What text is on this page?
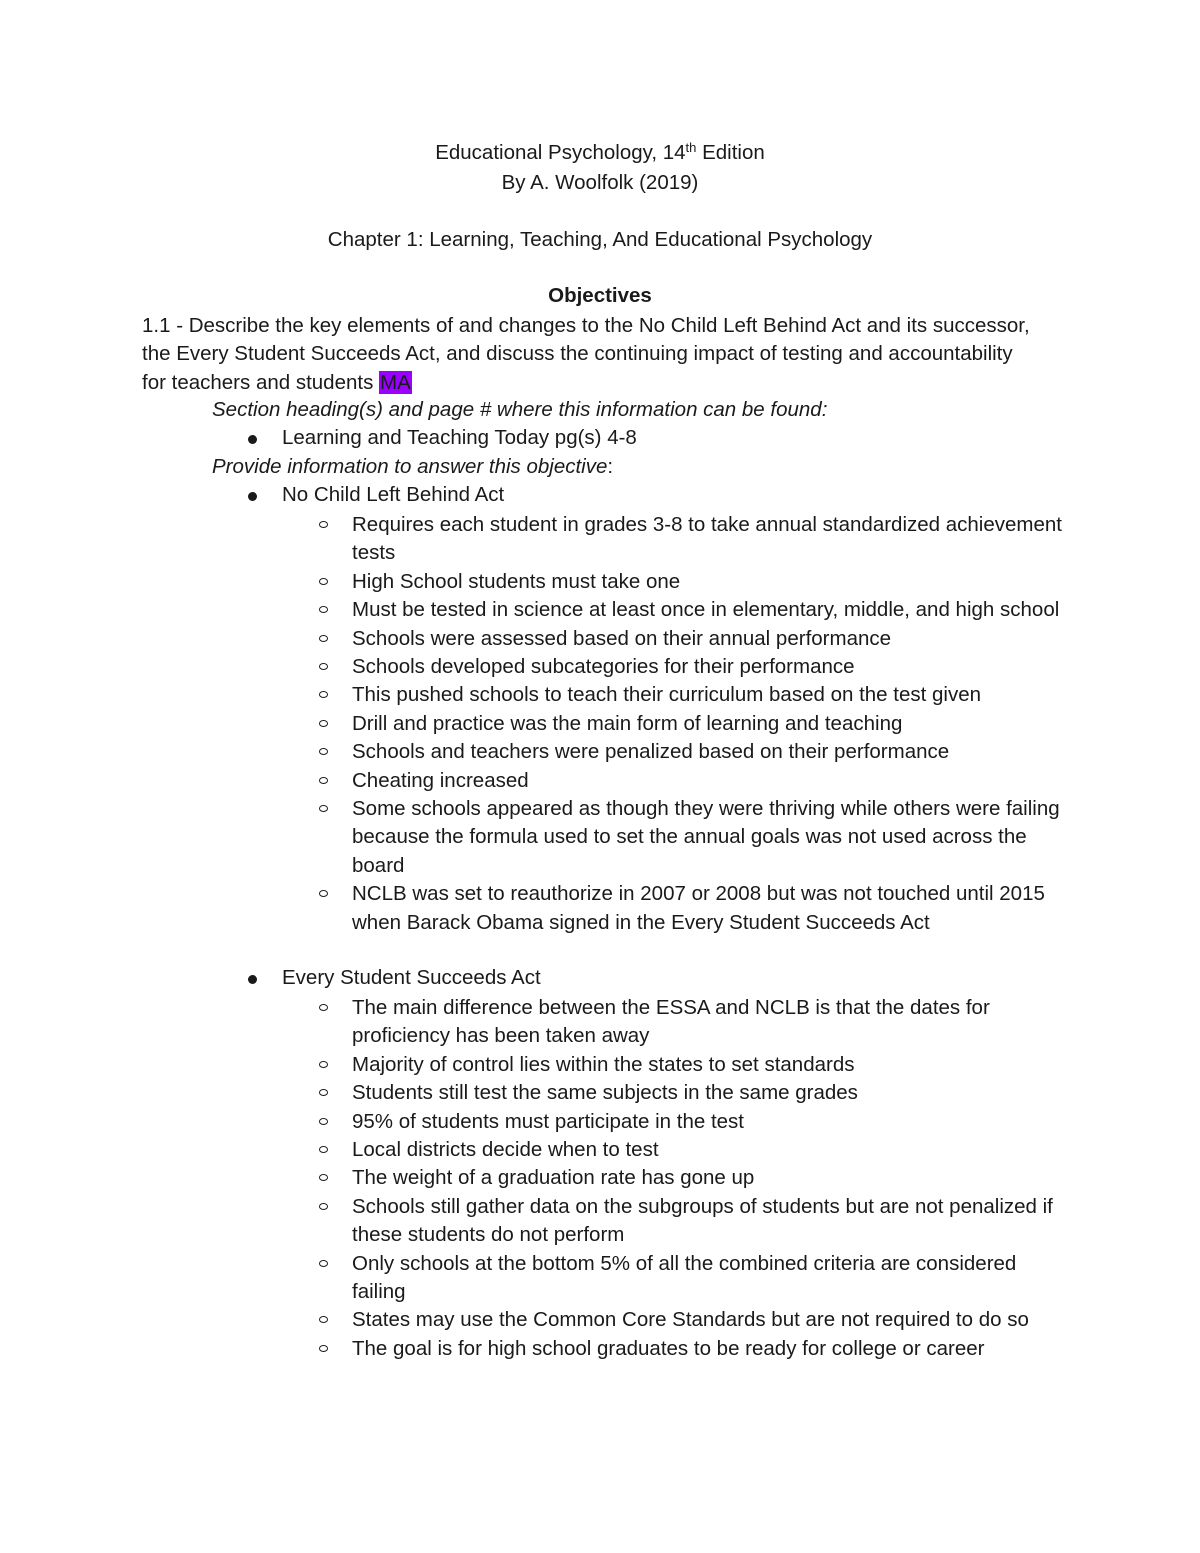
Educational Psychology, 14th Edition
By A. Woolfolk (2019)
Chapter 1: Learning, Teaching, And Educational Psychology
Objectives
1.1 - Describe the key elements of and changes to the No Child Left Behind Act and its successor, the Every Student Succeeds Act, and discuss the continuing impact of testing and accountability for teachers and students MA
Section heading(s) and page # where this information can be found:
Learning and Teaching Today pg(s) 4-8
Provide information to answer this objective:
No Child Left Behind Act
Requires each student in grades 3-8 to take annual standardized achievement tests
High School students must take one
Must be tested in science at least once in elementary, middle, and high school
Schools were assessed based on their annual performance
Schools developed subcategories for their performance
This pushed schools to teach their curriculum based on the test given
Drill and practice was the main form of learning and teaching
Schools and teachers were penalized based on their performance
Cheating increased
Some schools appeared as though they were thriving while others were failing because the formula used to set the annual goals was not used across the board
NCLB was set to reauthorize in 2007 or 2008 but was not touched until 2015 when Barack Obama signed in the Every Student Succeeds Act
Every Student Succeeds Act
The main difference between the ESSA and NCLB is that the dates for proficiency has been taken away
Majority of control lies within the states to set standards
Students still test the same subjects in the same grades
95% of students must participate in the test
Local districts decide when to test
The weight of a graduation rate has gone up
Schools still gather data on the subgroups of students but are not penalized if these students do not perform
Only schools at the bottom 5% of all the combined criteria are considered failing
States may use the Common Core Standards but are not required to do so
The goal is for high school graduates to be ready for college or career
